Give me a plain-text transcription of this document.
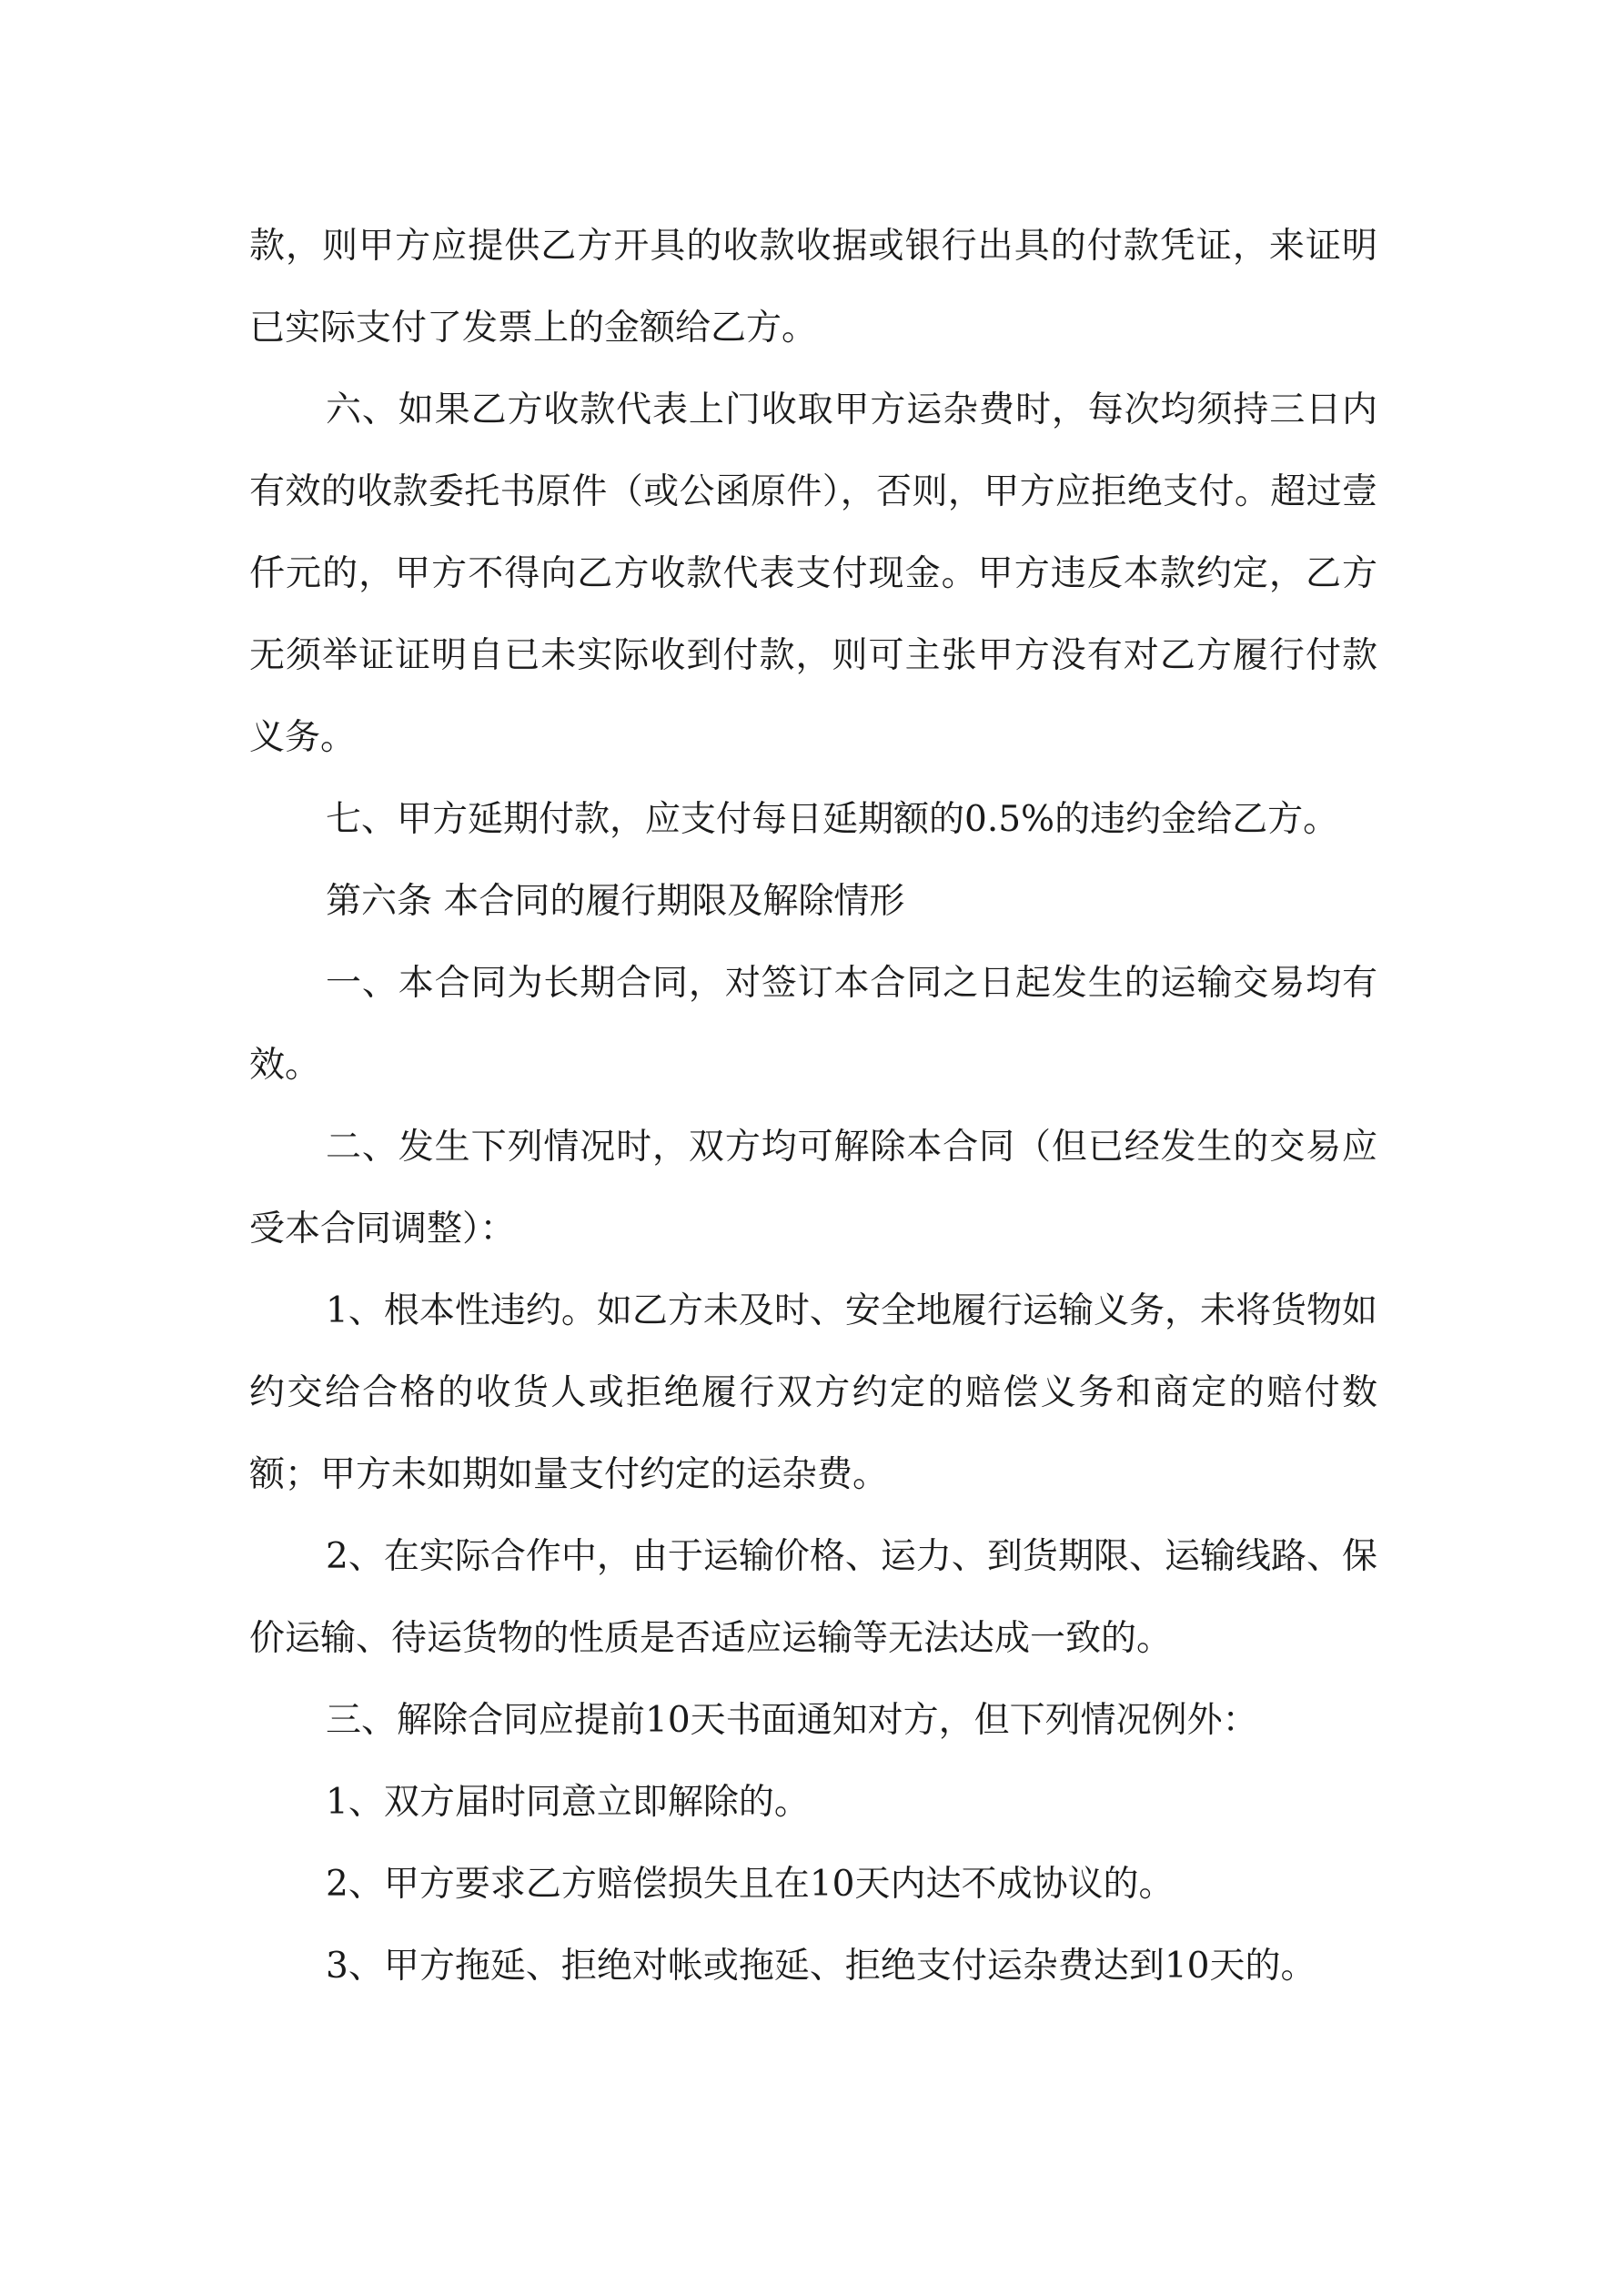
款，则甲方应提供乙方开具的收款收据或银行出具的付款凭证，来证明已实际支付了发票上的金额给乙方。

六、如果乙方收款代表上门收取甲方运杂费时，每次均须持三日内有效的收款委托书原件（或公函原件），否则，甲方应拒绝支付。超过壹仟元的，甲方不得向乙方收款代表支付现金。甲方违反本款约定，乙方无须举证证明自已未实际收到付款，则可主张甲方没有对乙方履行付款义务。

七、甲方延期付款，应支付每日延期额的0.5%的违约金给乙方。

第六条 本合同的履行期限及解除情形

一、本合同为长期合同，对签订本合同之日起发生的运输交易均有效。

二、发生下列情况时，双方均可解除本合同（但已经发生的交易应受本合同调整）：

1、根本性违约。如乙方未及时、安全地履行运输义务，未将货物如约交给合格的收货人或拒绝履行双方约定的赔偿义务和商定的赔付数额；甲方未如期如量支付约定的运杂费。

2、在实际合作中，由于运输价格、运力、到货期限、运输线路、保价运输、待运货物的性质是否适应运输等无法达成一致的。

三、解除合同应提前10天书面通知对方，但下列情况例外：

1、双方届时同意立即解除的。

2、甲方要求乙方赔偿损失且在10天内达不成协议的。

3、甲方拖延、拒绝对帐或拖延、拒绝支付运杂费达到10天的。
